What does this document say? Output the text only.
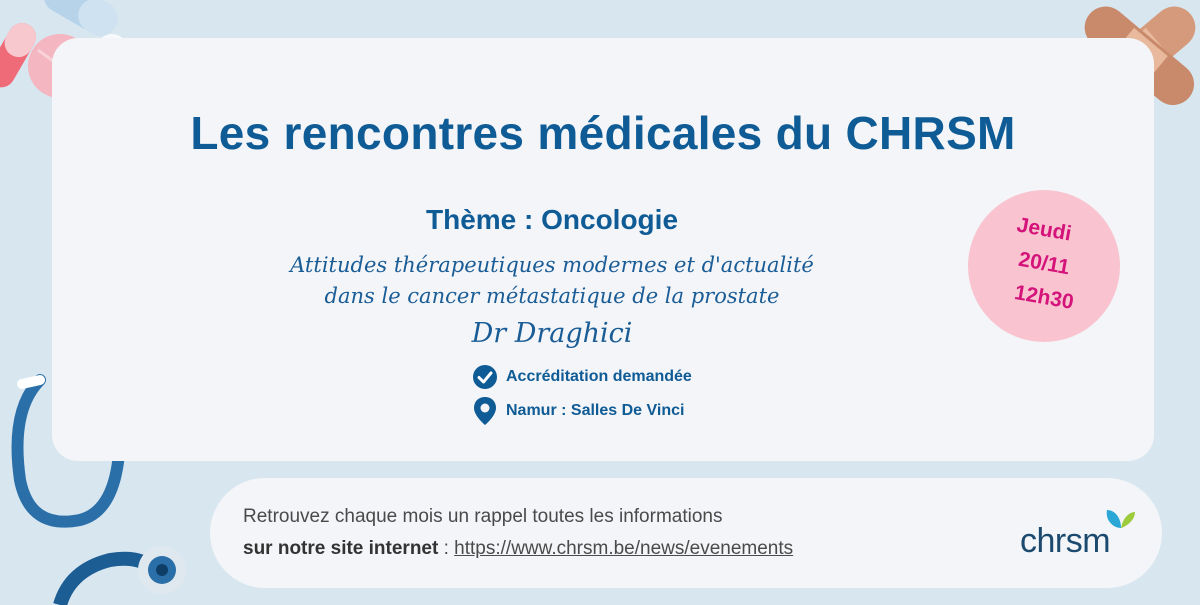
Les rencontres médicales du CHRSM
Thème : Oncologie
Attitudes thérapeutiques modernes et d'actualité
dans le cancer métastatique de la prostate
Dr Draghici
Accréditation demandée
Namur : Salles De Vinci
Jeudi
20/11
12h30
Retrouvez chaque mois un rappel toutes les informations
sur notre site internet : https://www.chrsm.be/news/evenements	chrsm
